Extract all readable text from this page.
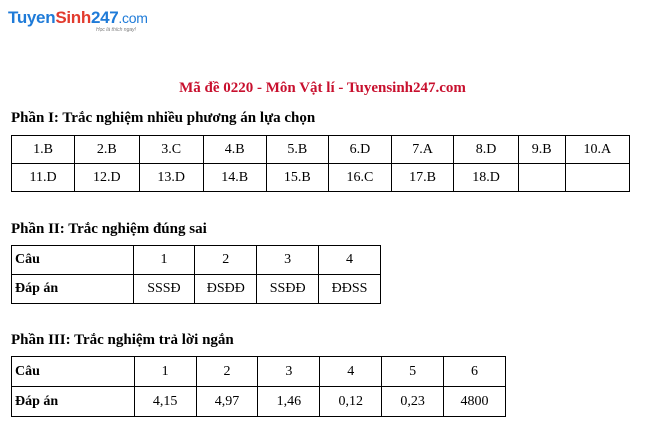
TuyenSinh247.com
Học là thích ngay!
Mã đề 0220 - Môn Vật lí - Tuyensinh247.com
Phần I: Trắc nghiệm nhiều phương án lựa chọn
1.B	2.B	3.C	4.B	5.B	6.D	7.A	8.D	9.B	10.A
11.D	12.D	13.D	14.B	15.B	16.C	17.B	18.D		
Phần II: Trắc nghiệm đúng sai
Câu	1	2	3	4
Đáp án	SSSĐ	ĐSĐĐ	SSĐĐ	ĐĐSS
Phần III: Trắc nghiệm trả lời ngắn
Câu	1	2	3	4	5	6
Đáp án	4,15	4,97	1,46	0,12	0,23	4800
